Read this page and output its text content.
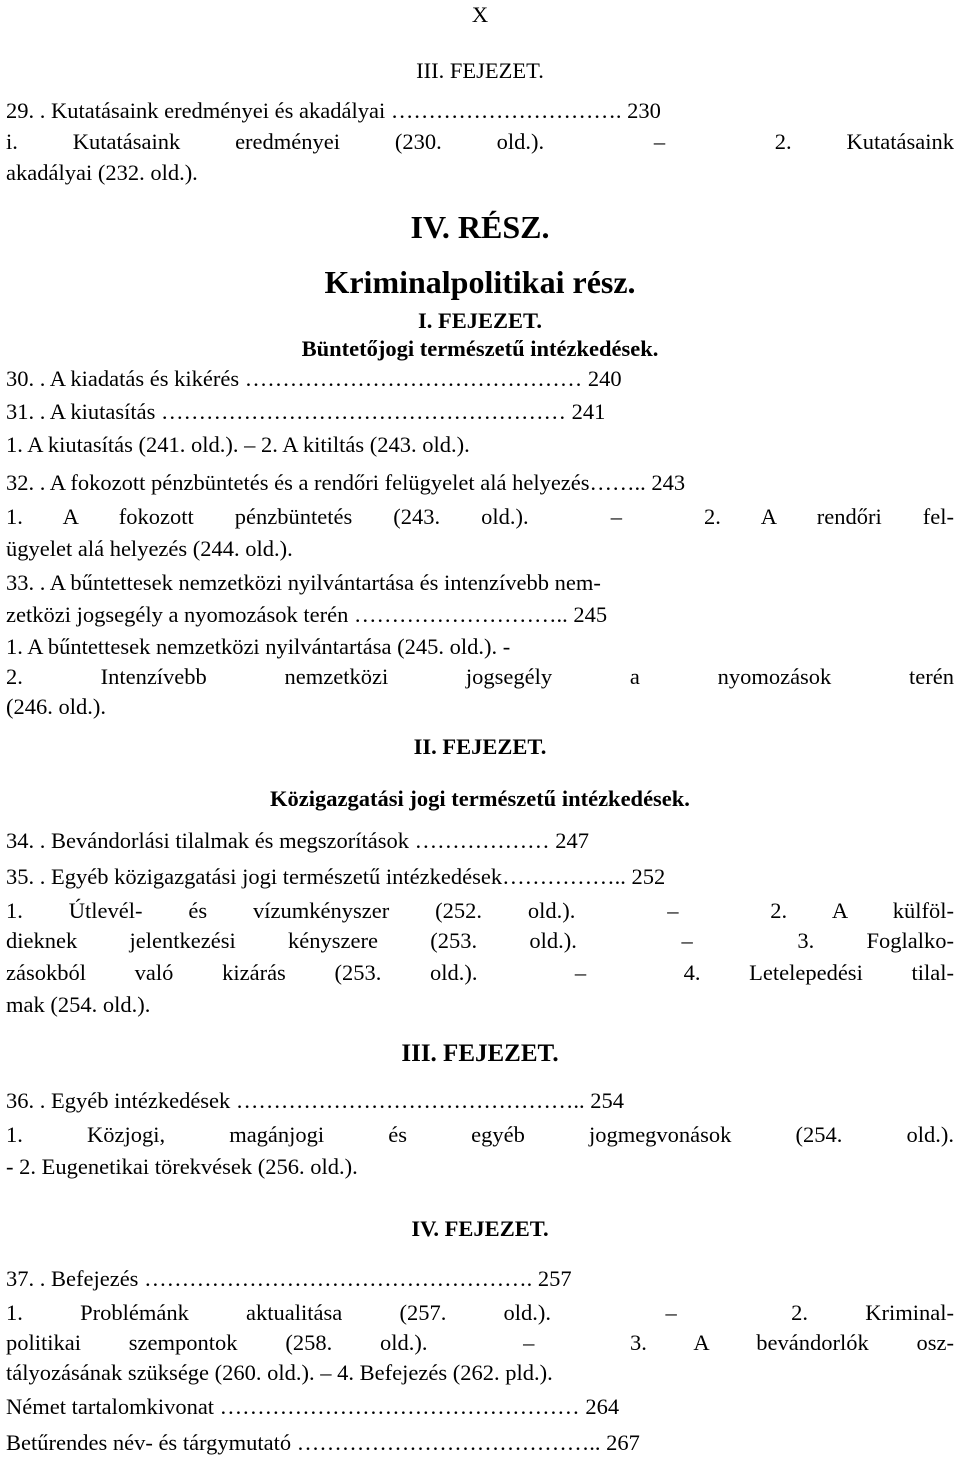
X
III. FEJEZET.
29. . Kutatásaink eredményei és akadályai …………………………. 230
i. Kutatásaink eredményei (230. old.).  –  2. Kutatásaink
akadályai (232. old.).
IV. RÉSZ.
Kriminalpolitikai rész.
I. FEJEZET.
Büntetőjogi természetű intézkedések.
30. . A kiadatás és kikérés ……………………………………… 240
31. . A kiutasítás ……………………………………………… 241
1. A kiutasítás (241. old.). – 2. A kitiltás (243. old.).
32. . A fokozott pénzbüntetés és a rendőri felügyelet alá helyezés…….. 243
1. A fokozott pénzbüntetés (243. old.).  –  2. A rendőri fel-
ügyelet alá helyezés (244. old.).
33. . A bűntettesek nemzetközi nyilvántartása és intenzívebb nem-
zetközi jogsegély a nyomozások terén ……………………….. 245
1. A bűntettesek nemzetközi nyilvántartása (245. old.). -
2. Intenzívebb nemzetközi jogsegély a nyomozások terén
(246. old.).
II. FEJEZET.
Közigazgatási jogi természetű intézkedések.
34. . Bevándorlási tilalmak és megszorítások ……………… 247
35. . Egyéb közigazgatási jogi természetű intézkedések…………….. 252
1. Útlevél- és vízumkényszer (252. old.).  –  2. A külföl-
dieknek jelentkezési kényszere (253. old.).  –  3. Foglalko-
zásokból való kizárás (253. old.).  –  4. Letelepedési tilal-
mak (254. old.).
III. FEJEZET.
36. . Egyéb intézkedések ……………………………………….. 254
1. Közjogi, magánjogi és egyéb jogmegvonások (254. old.).
- 2. Eugenetikai törekvések (256. old.).
IV. FEJEZET.
37. . Befejezés ……………………………………………. 257
1. Problémánk aktualitása (257. old.).  –  2. Kriminal-
politikai szempontok (258. old.).  –  3. A bevándorlók osz-
tályozásának szüksége (260. old.). – 4. Befejezés (262. pld.).
Német tartalomkivonat ………………………………………… 264
Betűrendes név- és tárgymutató ………………………………….. 267
